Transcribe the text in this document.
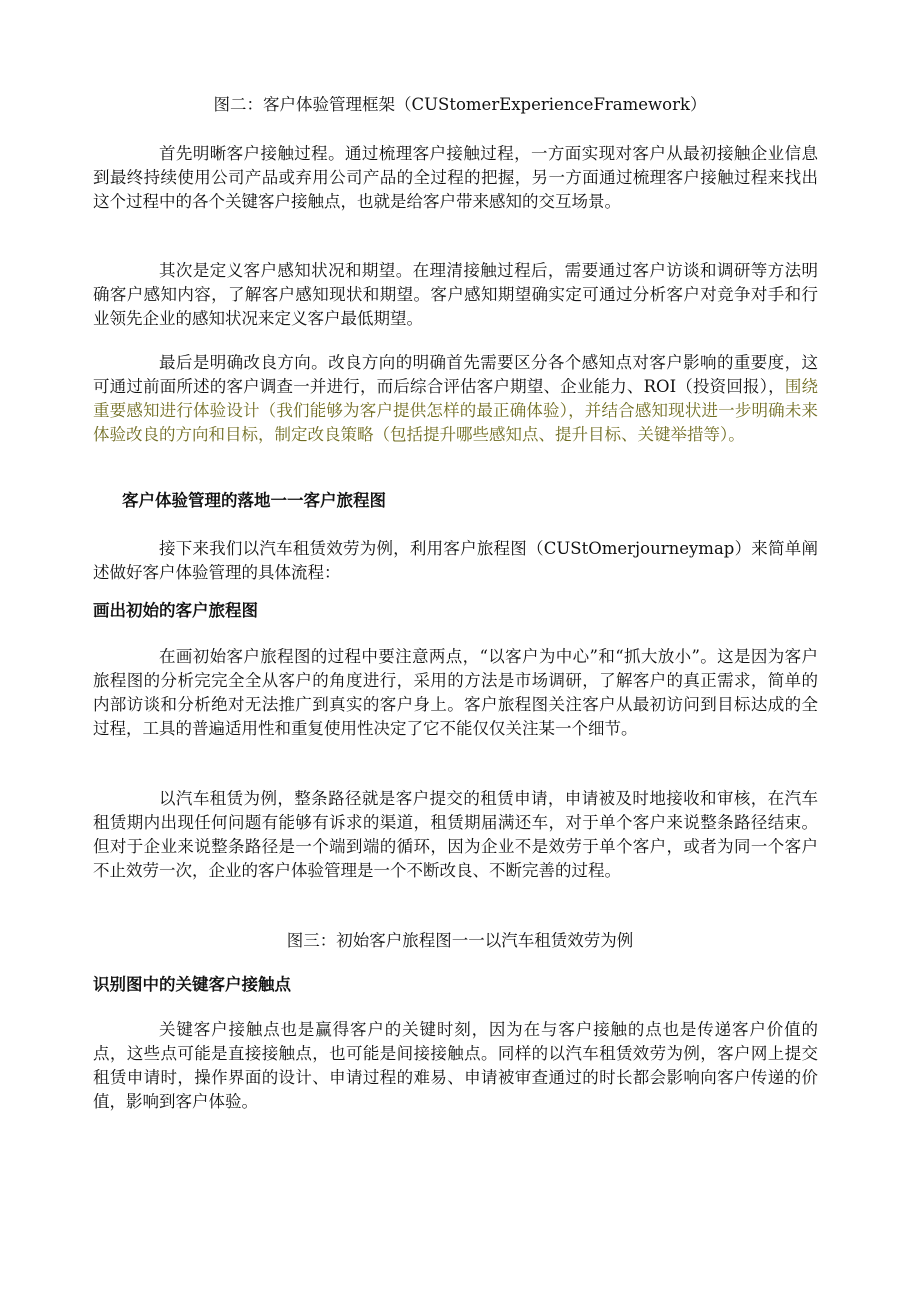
图二：客户体验管理框架（CUStomerExperienceFramework）

首先明晰客户接触过程。通过梳理客户接触过程，一方面实现对客户从最初接触企业信息到最终持续使用公司产品或弃用公司产品的全过程的把握，另一方面通过梳理客户接触过程来找出这个过程中的各个关键客户接触点，也就是给客户带来感知的交互场景。

其次是定义客户感知状况和期望。在理清接触过程后，需要通过客户访谈和调研等方法明确客户感知内容，了解客户感知现状和期望。客户感知期望确实定可通过分析客户对竞争对手和行业领先企业的感知状况来定义客户最低期望。

最后是明确改良方向。改良方向的明确首先需要区分各个感知点对客户影响的重要度，这可通过前面所述的客户调查一并进行，而后综合评估客户期望、企业能力、ROI（投资回报），围绕重要感知进行体验设计（我们能够为客户提供怎样的最正确体验），并结合感知现状进一步明确未来体验改良的方向和目标，制定改良策略（包括提升哪些感知点、提升目标、关键举措等）。

客户体验管理的落地一一客户旅程图

接下来我们以汽车租赁效劳为例，利用客户旅程图（CUStOmerjourneymap）来简单阐述做好客户体验管理的具体流程：

画出初始的客户旅程图

在画初始客户旅程图的过程中要注意两点，“以客户为中心”和“抓大放小”。这是因为客户旅程图的分析完完全全从客户的角度进行，采用的方法是市场调研，了解客户的真正需求，简单的内部访谈和分析绝对无法推广到真实的客户身上。客户旅程图关注客户从最初访问到目标达成的全过程，工具的普遍适用性和重复使用性决定了它不能仅仅关注某一个细节。

以汽车租赁为例，整条路径就是客户提交的租赁申请，申请被及时地接收和审核，在汽车租赁期内出现任何问题有能够有诉求的渠道，租赁期届满还车，对于单个客户来说整条路径结束。但对于企业来说整条路径是一个端到端的循环，因为企业不是效劳于单个客户，或者为同一个客户不止效劳一次，企业的客户体验管理是一个不断改良、不断完善的过程。

图三：初始客户旅程图一一以汽车租赁效劳为例
识别图中的关键客户接触点

关键客户接触点也是赢得客户的关键时刻，因为在与客户接触的点也是传递客户价值的点，这些点可能是直接接触点，也可能是间接接触点。同样的以汽车租赁效劳为例，客户网上提交租赁申请时，操作界面的设计、申请过程的难易、申请被审查通过的时长都会影响向客户传递的价值，影响到客户体验。
